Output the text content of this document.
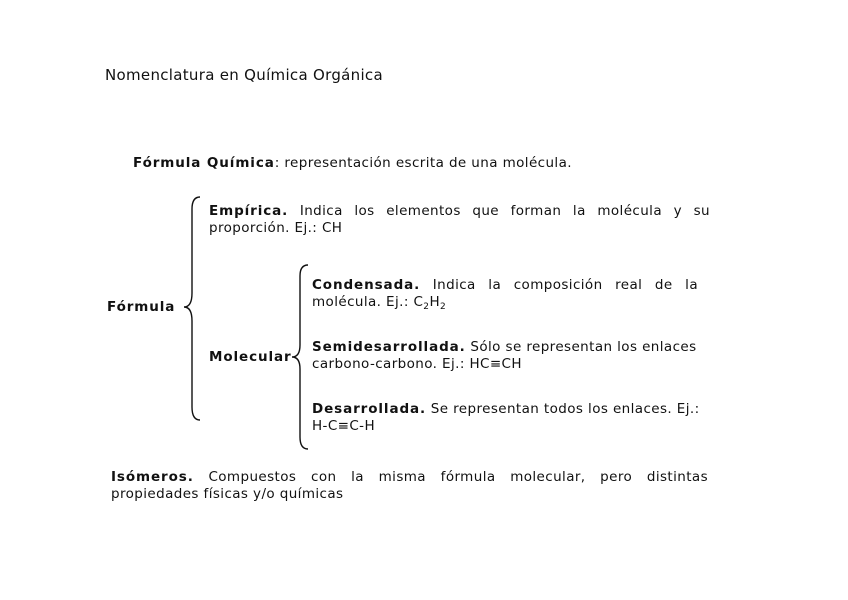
Nomenclatura en Química Orgánica
Fórmula Química: representación escrita de una molécula.
Fórmula
Empírica. Indica los elementos que forman la molécula y su proporción. Ej.: CH
Molecular
Condensada. Indica la composición real de la molécula. Ej.: $C_2H_2$
Semidesarrollada. Sólo se representan los enlaces carbono-carbono. Ej.: HC≡CH
Desarrollada. Se representan todos los enlaces. Ej.: H-C≡C-H
Isómeros. Compuestos con la misma fórmula molecular, pero distintas propiedades físicas y/o químicas
